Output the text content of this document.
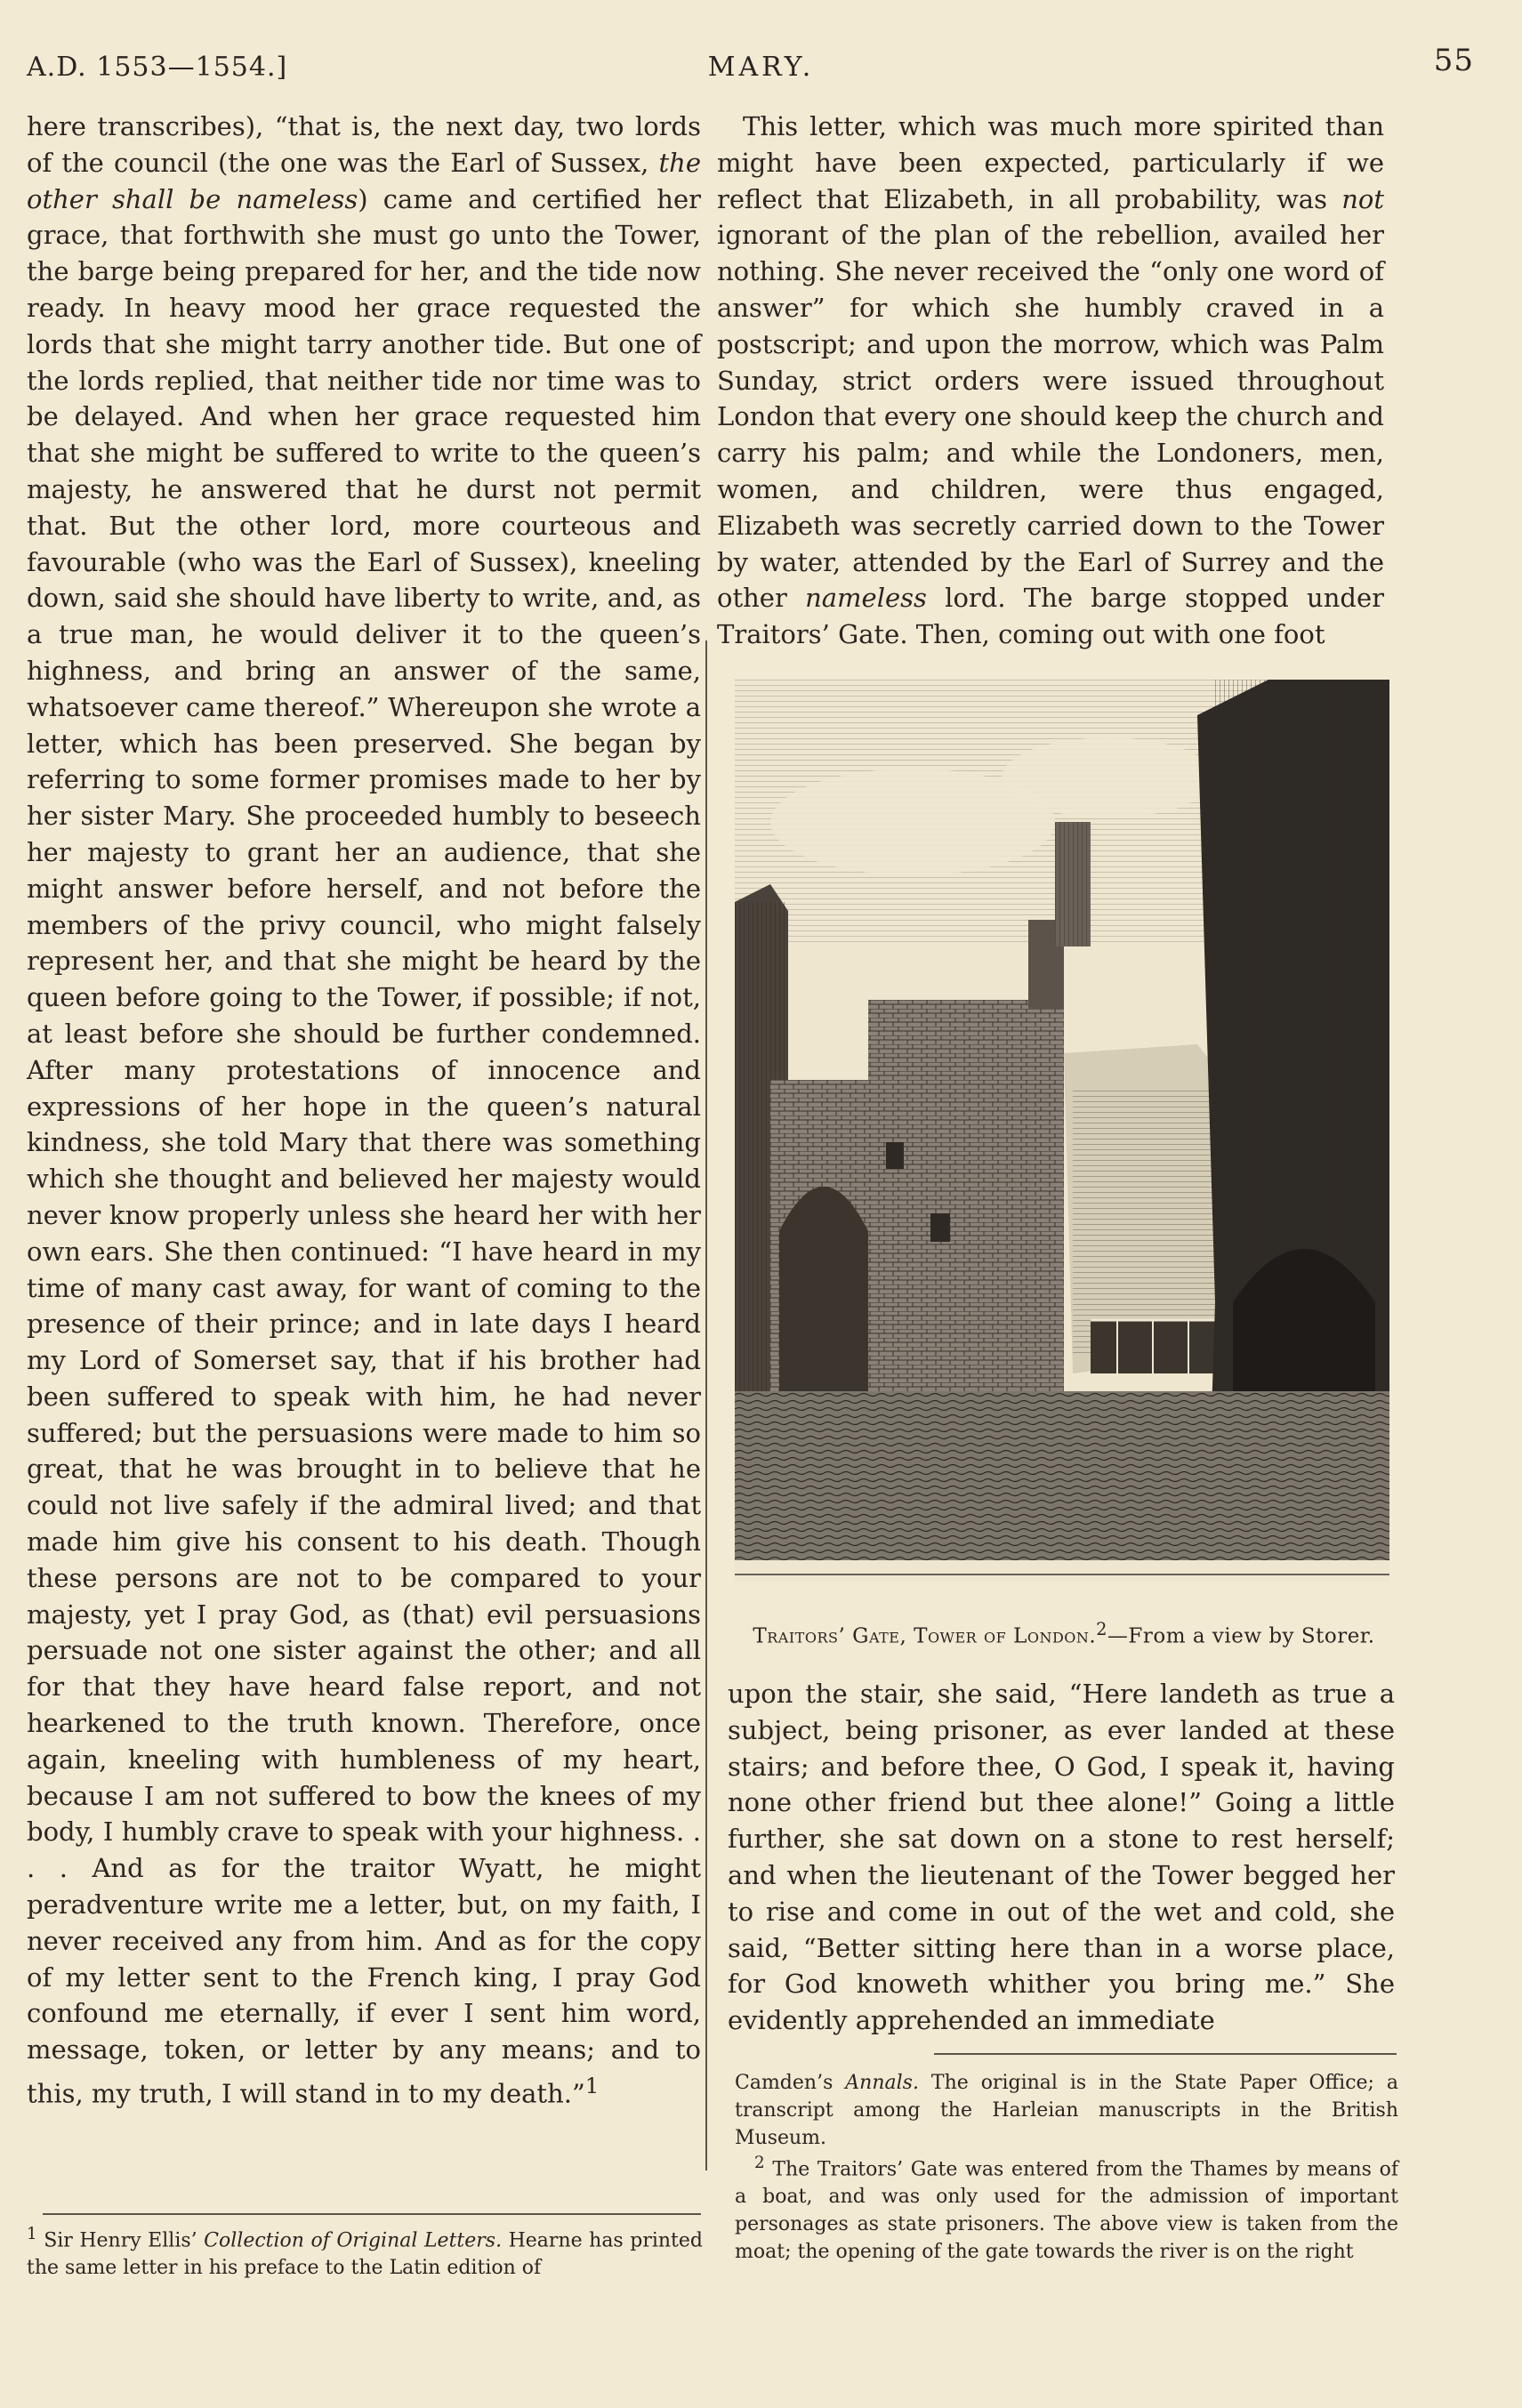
A.D. 1553—1554.]	MARY.	55

here transcribes), “that is, the next day, two lords of the council (the one was the Earl of Sussex, the other shall be nameless) came and certified her grace, that forthwith she must go unto the Tower, the barge being prepared for her, and the tide now ready. In heavy mood her grace requested the lords that she might tarry another tide. But one of the lords replied, that neither tide nor time was to be delayed. And when her grace requested him that she might be suffered to write to the queen’s majesty, he answered that he durst not permit that. But the other lord, more courteous and favourable (who was the Earl of Sussex), kneeling down, said she should have liberty to write, and, as a true man, he would deliver it to the queen’s highness, and bring an answer of the same, whatsoever came thereof.” Whereupon she wrote a letter, which has been preserved. She began by referring to some former promises made to her by her sister Mary. She proceeded humbly to beseech her majesty to grant her an audience, that she might answer before herself, and not before the members of the privy council, who might falsely represent her, and that she might be heard by the queen before going to the Tower, if possible; if not, at least before she should be further condemned. After many protestations of innocence and expressions of her hope in the queen’s natural kindness, she told Mary that there was something which she thought and believed her majesty would never know properly unless she heard her with her own ears. She then continued: “I have heard in my time of many cast away, for want of coming to the presence of their prince; and in late days I heard my Lord of Somerset say, that if his brother had been suffered to speak with him, he had never suffered; but the persuasions were made to him so great, that he was brought in to believe that he could not live safely if the admiral lived; and that made him give his consent to his death. Though these persons are not to be compared to your majesty, yet I pray God, as (that) evil persuasions persuade not one sister against the other; and all for that they have heard false report, and not hearkened to the truth known. Therefore, once again, kneeling with humbleness of my heart, because I am not suffered to bow the knees of my body, I humbly crave to speak with your highness. . . . And as for the traitor Wyatt, he might peradventure write me a letter, but, on my faith, I never received any from him. And as for the copy of my letter sent to the French king, I pray God confound me eternally, if ever I sent him word, message, token, or letter by any means; and to this, my truth, I will stand in to my death.”$^1$

 This letter, which was much more spirited than might have been expected, particularly if we reflect that Elizabeth, in all probability, was not ignorant of the plan of the rebellion, availed her nothing. She never received the “only one word of answer” for which she humbly craved in a postscript; and upon the morrow, which was Palm Sunday, strict orders were issued throughout London that every one should keep the church and carry his palm; and while the Londoners, men, women, and children, were thus engaged, Elizabeth was secretly carried down to the Tower by water, attended by the Earl of Surrey and the other nameless lord. The barge stopped under Traitors’ Gate. Then, coming out with one foot

Traitors’ Gate, Tower of London.$^2$—From a view by Storer.

upon the stair, she said, “Here landeth as true a subject, being prisoner, as ever landed at these stairs; and before thee, O God, I speak it, having none other friend but thee alone!” Going a little further, she sat down on a stone to rest herself; and when the lieutenant of the Tower begged her to rise and come in out of the wet and cold, she said, “Better sitting here than in a worse place, for God knoweth whither you bring me.” She evidently apprehended an immediate

$^1$ Sir Henry Ellis’ Collection of Original Letters. Hearne has printed the same letter in his preface to the Latin edition of
Camden’s Annals. The original is in the State Paper Office; a transcript among the Harleian manuscripts in the British Museum.
 $^2$ The Traitors’ Gate was entered from the Thames by means of a boat, and was only used for the admission of important personages as state prisoners. The above view is taken from the moat; the opening of the gate towards the river is on the right
